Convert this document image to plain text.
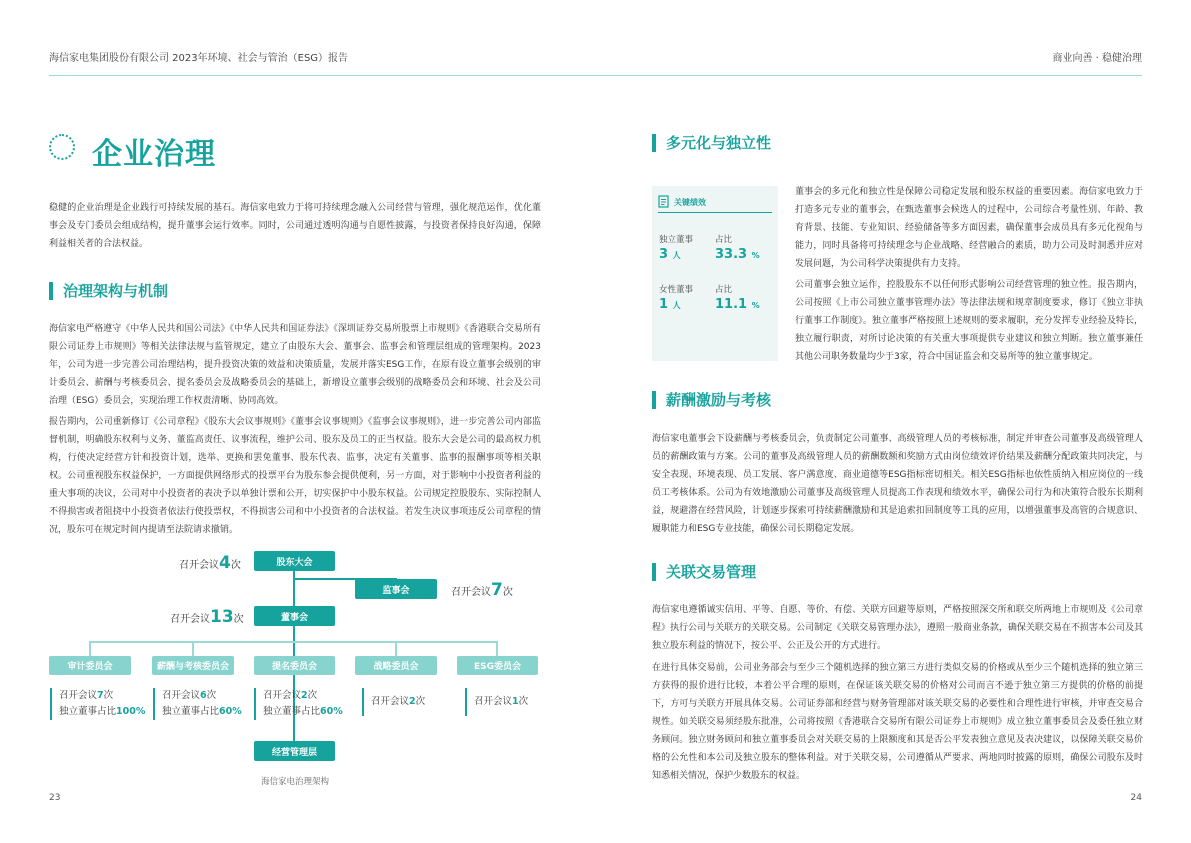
海信家电集团股份有限公司 2023年环境、社会与管治（ESG）报告	商业向善 · 稳健治理
企业治理
稳健的企业治理是企业践行可持续发展的基石。海信家电致力于将可持续理念融入公司经营与管理，强化规范运作，优化董事会及专门委员会组成结构，提升董事会运行效率。同时，公司通过透明沟通与自愿性披露，与投资者保持良好沟通，保障利益相关者的合法权益。
治理架构与机制
海信家电严格遵守《中华人民共和国公司法》《中华人民共和国证券法》《深圳证券交易所股票上市规则》《香港联合交易所有限公司证券上市规则》等相关法律法规与监管规定，建立了由股东大会、董事会、监事会和管理层组成的管理架构。2023年，公司为进一步完善公司治理结构，提升投资决策的效益和决策质量，发展并落实ESG工作，在原有设立董事会级别的审计委员会、薪酬与考核委员会、提名委员会及战略委员会的基础上，新增设立董事会级别的战略委员会和环境、社会及公司治理（ESG）委员会，实现治理工作权责清晰、协同高效。
报告期内，公司重新修订《公司章程》《股东大会议事规则》《董事会议事规则》《监事会议事规则》，进一步完善公司内部监督机制，明确股东权利与义务、董监高责任、议事流程，维护公司、股东及员工的正当权益。股东大会是公司的最高权力机构，行使决定经营方针和投资计划，选举、更换和罢免董事、股东代表、监事，决定有关董事、监事的报酬事项等相关职权。公司重视股东权益保护，一方面提供网络形式的投票平台为股东参会提供便利，另一方面，对于影响中小投资者利益的重大事项的决议，公司对中小投资者的表决予以单独计票和公开，切实保护中小股东权益。公司规定控股股东、实际控制人不得损害或者阻挠中小投资者依法行使投票权，不得损害公司和中小投资者的合法权益。若发生决议事项违反公司章程的情况，股东可在规定时间内提请至法院请求撤销。
股东大会
监事会
董事会
经营管理层
审计委员会	薪酬与考核委员会	提名委员会	战略委员会	ESG委员会
召开会议4次
召开会议7次
召开会议13次
召开会议7次
独立董事占比100%
召开会议6次
独立董事占比60%
召开会议2次
独立董事占比60%
召开会议2次	召开会议1次
海信家电治理架构
多元化与独立性
关键绩效
独立董事
3 人
占比
33.3 %
女性董事
1 人
占比
11.1 %
董事会的多元化和独立性是保障公司稳定发展和股东权益的重要因素。海信家电致力于打造多元专业的董事会，在甄选董事会候选人的过程中，公司综合考量性别、年龄、教育背景、技能、专业知识、经验储备等多方面因素，确保董事会成员具有多元化视角与能力，同时具备将可持续理念与企业战略、经营融合的素质，助力公司及时洞悉并应对发展问题，为公司科学决策提供有力支持。
公司董事会独立运作，控股股东不以任何形式影响公司经营管理的独立性。报告期内，公司按照《上市公司独立董事管理办法》等法律法规和规章制度要求，修订《独立非执行董事工作制度》。独立董事严格按照上述规则的要求履职，充分发挥专业经验及特长，独立履行职责，对所讨论决策的有关重大事项提供专业建议和独立判断。独立董事兼任其他公司职务数量均少于3家，符合中国证监会和交易所等的独立董事规定。
薪酬激励与考核
海信家电董事会下设薪酬与考核委员会，负责制定公司董事、高级管理人员的考核标准，制定并审查公司董事及高级管理人员的薪酬政策与方案。公司的董事及高级管理人员的薪酬数额和奖励方式由岗位绩效评价结果及薪酬分配政策共同决定，与安全表现、环境表现、员工发展、客户满意度、商业道德等ESG指标密切相关。相关ESG指标也依性质纳入相应岗位的一线员工考核体系。公司为有效地激励公司董事及高级管理人员提高工作表现和绩效水平，确保公司行为和决策符合股东长期利益，规避潜在经营风险，计划逐步探索可持续薪酬激励和其是追索扣回制度等工具的应用，以增强董事及高管的合规意识、履职能力和ESG专业技能，确保公司长期稳定发展。
关联交易管理
海信家电遵循诚实信用、平等、自愿、等价、有偿、关联方回避等原则，严格按照深交所和联交所两地上市规则及《公司章程》执行公司与关联方的关联交易。公司制定《关联交易管理办法》，遵照一般商业条款，确保关联交易在不损害本公司及其独立股东利益的情况下，按公平、公正及公开的方式进行。
在进行具体交易前，公司业务部会与至少三个随机选择的独立第三方进行类似交易的价格或从至少三个随机选择的独立第三方获得的报价进行比较，本着公平合理的原则，在保证该关联交易的价格对公司而言不逊于独立第三方提供的价格的前提下，方可与关联方开展具体交易。公司证券部和经营与财务管理部对该关联交易的必要性和合理性进行审核，并审查交易合规性。如关联交易须经股东批准，公司将按照《香港联合交易所有限公司证券上市规则》成立独立董事委员会及委任独立财务顾问。独立财务顾问和独立董事委员会对关联交易的上限额度和其是否公平发表独立意见及表决建议，以保障关联交易价格的公允性和本公司及独立股东的整体利益。对于关联交易，公司遵循从严要求、两地同时披露的原则，确保公司股东及时知悉相关情况，保护少数股东的权益。
23	24
